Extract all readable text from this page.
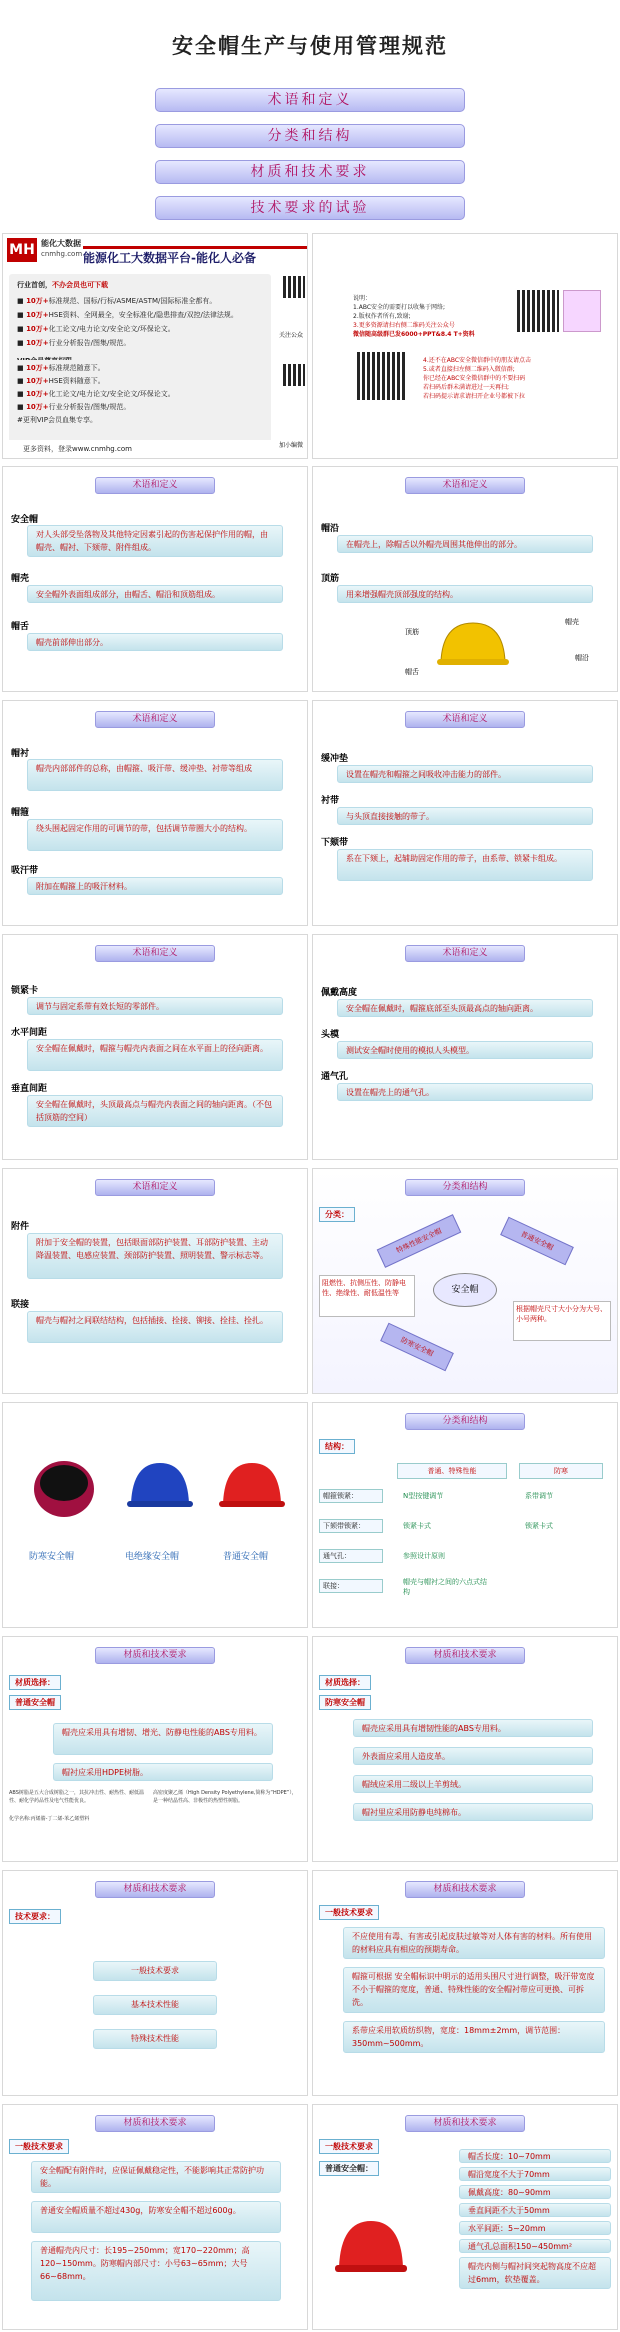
安全帽生产与使用管理规范
术语和定义
分类和结构
材质和技术要求
技术要求的试验
MH 能化大数据
cnmhg.com 能源化工大数据平台-能化人必备
行业首创，不办会员也可下载
■ 10万+标准规范、国标/行标/ASME/ASTM/国际标准全都有。
■ 10万+HSE资料、全网最全，安全标准化/隐患排查/双控/法律法规。
■ 10万+化工论文/电力论文/安全论文/环保论文。
■ 10万+行业分析报告/图集/规范。
■ 10万+标准规范随意下。
■ 10万+HSE资料随意下。
■ 10万+化工论文/电力论文/安全论文/环保论文。
■ 10万+行业分析报告/图集/规范。
#更利VIP会员血集专享。
更多资料，登录www.cnmhg.com
关注公众
加小编微
说明：
1.ABC安全的需要打以收集于网络;
2.版权作者所有,致谢;
3.更多资源请扫右侧二维码关注公众号
微信随高级群已发6000+PPT&8.4 T+资料
4.还不在ABC安全微信群中的朋友请点击
5.或者直接扫左侧二维码入微信群;
你已经在ABC安全微信群中的不要扫码
若扫码后群未满请进过一天再扫;
若扫码提示请求请扫开企业号都被下拉
术语和定义
安全帽
对人头部受坠落物及其他特定因素引起的伤害起保护作用的帽，由帽壳、帽衬、下颏带、附件组成。
帽壳
安全帽外表面组成部分，由帽舌、帽沿和顶筋组成。
帽舌
帽壳前部伸出部分。
术语和定义
帽沿
在帽壳上，除帽舌以外帽壳周围其他伸出的部分。
顶筋
用来增强帽壳顶部强度的结构。
顶筋
帽壳
帽沿
帽舌
术语和定义
帽衬
帽壳内部部件的总称，由帽箍、吸汗带、缓冲垫、衬带等组成
帽箍
绕头围起固定作用的可调节的带，包括调节带圈大小的结构。
吸汗带
附加在帽箍上的吸汗材料。
术语和定义
缓冲垫
设置在帽壳和帽箍之间吸收冲击能力的部件。
衬带
与头顶直接接触的带子。
下颏带
系在下颏上，起辅助固定作用的带子，由系带、锁紧卡组成。
术语和定义
锁紧卡
调节与固定系带有效长短的零部件。
水平间距
安全帽在佩戴时，帽箍与帽壳内表面之间在水平面上的径向距离。
垂直间距
安全帽在佩戴时，头顶最高点与帽壳内表面之间的轴向距离。（不包括顶筋的空间）
术语和定义
佩戴高度
安全帽在佩戴时，帽箍底部至头顶最高点的轴向距离。
头模
测试安全帽时使用的模拟人头模型。
通气孔
设置在帽壳上的通气孔。
术语和定义
附件
附加于安全帽的装置，包括眼面部防护装置、耳部防护装置、主动降温装置、电感应装置、颈部防护装置、照明装置、警示标志等。
联接
帽壳与帽衬之间联结结构，包括插接、拴接、铆接、拴挂、拴扎。
分类和结构
分类：
安全帽
特殊性能安全帽	普通安全帽
阻燃性、抗侧压性、防静电性、绝缘性、耐低温性等
防寒安全帽
根据帽壳尺寸大小分为大号、小号两种。
防寒安全帽	电绝缘安全帽	普通安全帽
分类和结构
结构：
普通、特殊性能	防寒
帽箍锁紧：	N型按键调节	系带调节
下颏带锁紧：	锁紧卡式	锁紧卡式
通气孔：	参照设计原则
联接：	帽壳与帽衬之间的六点式结构
材质和技术要求
材质选择：
普通安全帽
帽壳应采用具有增韧、增光、防静电性能的ABS专用料。
帽衬应采用HDPE树脂。
ABS树脂是五大合成树脂之一，其抗冲击性、耐热性、耐低温性、耐化学药品性及电气性能优良。
化学名称:丙烯腈-丁二烯-苯乙烯塑料
高密度聚乙烯（High Density Polyethylene,简称为“HDPE”），是一种结晶性高、非极性的热塑性树脂。
材质和技术要求
材质选择：
防寒安全帽
帽壳应采用具有增韧性能的ABS专用料。
外表面应采用人造皮革。
帽绒应采用二级以上羊剪绒。
帽衬里应采用防静电纯棉布。
材质和技术要求
技术要求：
一般技术要求
基本技术性能
特殊技术性能
材质和技术要求
一般技术要求
不应使用有毒、有害或引起皮肤过敏等对人体有害的材料。所有使用的材料应具有相应的预期寿命。
帽箍可根据 安全帽标识中明示的适用头围尺寸进行调整，吸汗带宽度不小于帽箍的宽度，普通、特殊性能的安全帽衬带应可更换、可拆洗。
系带应采用软质纺织物，宽度：18mm±2mm，调节范围：350mm~500mm。
材质和技术要求
一般技术要求
安全帽配有附件时，应保证佩戴稳定性，不能影响其正常防护功能。
普通安全帽质量不超过430g，防寒安全帽不超过600g。
普通帽壳内尺寸：长195~250mm；宽170~220mm；高120~150mm。防寒帽内部尺寸：小号63~65mm；大号66~68mm。
材质和技术要求
一般技术要求
普通安全帽：
帽舌长度：10~70mm
帽沿宽度不大于70mm
佩戴高度：80~90mm
垂直间距不大于50mm
水平间距：5~20mm
通气孔总面积150~450mm²
帽壳内侧与帽衬间突起物高度不应超过6mm，软垫覆盖。
